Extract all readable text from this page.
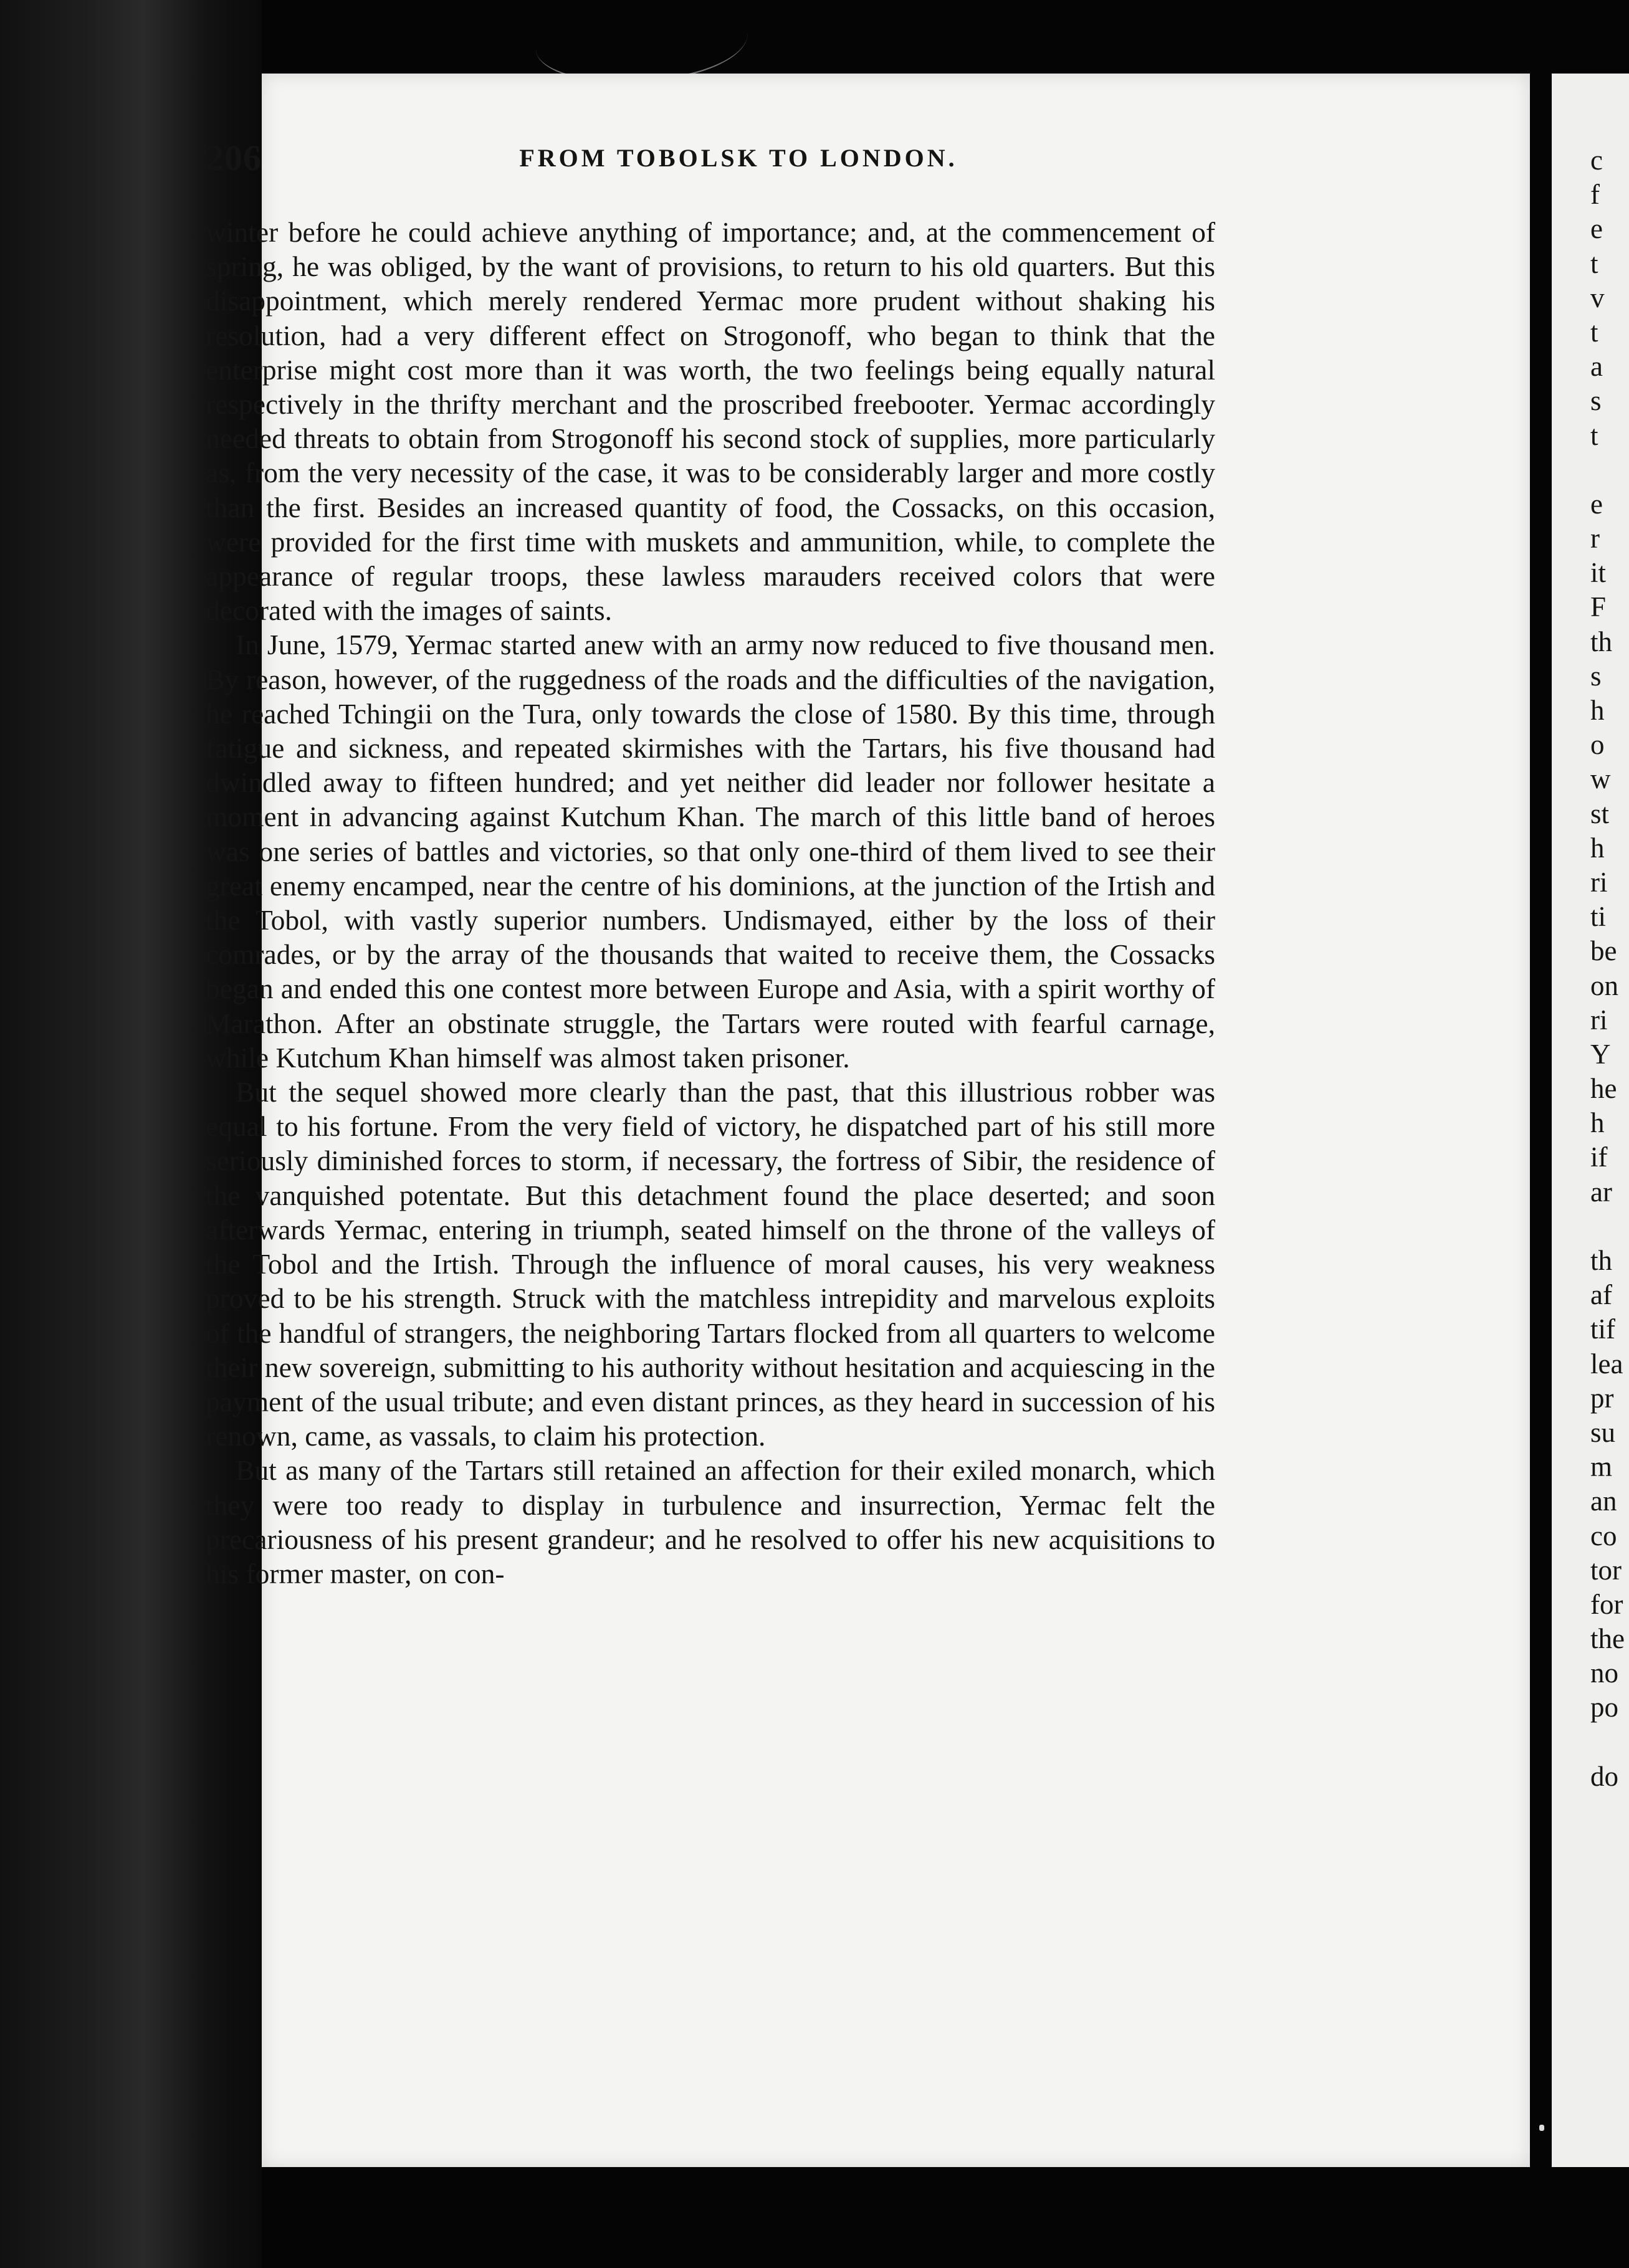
206	FROM TOBOLSK TO LONDON.

winter before he could achieve anything of importance; and, at the commencement of spring, he was obliged, by the want of provisions, to return to his old quarters. But this disappointment, which merely rendered Yermac more prudent without shaking his resolution, had a very different effect on Strogonoff, who began to think that the enterprise might cost more than it was worth, the two feelings being equally natural respectively in the thrifty merchant and the proscribed freebooter. Yermac accordingly needed threats to obtain from Strogonoff his second stock of supplies, more particularly as, from the very necessity of the case, it was to be considerably larger and more costly than the first. Besides an increased quantity of food, the Cossacks, on this occasion, were provided for the first time with muskets and ammunition, while, to complete the appearance of regular troops, these lawless marauders received colors that were decorated with the images of saints.

In June, 1579, Yermac started anew with an army now reduced to five thousand men. By reason, however, of the ruggedness of the roads and the difficulties of the navigation, he reached Tchingii on the Tura, only towards the close of 1580. By this time, through fatigue and sickness, and repeated skirmishes with the Tartars, his five thousand had dwindled away to fifteen hundred; and yet neither did leader nor follower hesitate a moment in advancing against Kutchum Khan. The march of this little band of heroes was one series of battles and victories, so that only one-third of them lived to see their great enemy encamped, near the centre of his dominions, at the junction of the Irtish and the Tobol, with vastly superior numbers. Undismayed, either by the loss of their comrades, or by the array of the thousands that waited to receive them, the Cossacks began and ended this one contest more between Europe and Asia, with a spirit worthy of Marathon. After an obstinate struggle, the Tartars were routed with fearful carnage, while Kutchum Khan himself was almost taken prisoner.

But the sequel showed more clearly than the past, that this illustrious robber was equal to his fortune. From the very field of victory, he dispatched part of his still more seriously diminished forces to storm, if necessary, the fortress of Sibir, the residence of the vanquished potentate. But this detachment found the place deserted; and soon afterwards Yermac, entering in triumph, seated himself on the throne of the valleys of the Tobol and the Irtish. Through the influence of moral causes, his very weakness proved to be his strength. Struck with the matchless intrepidity and marvelous exploits of the handful of strangers, the neighboring Tartars flocked from all quarters to welcome their new sovereign, submitting to his authority without hesitation and acquiescing in the payment of the usual tribute; and even distant princes, as they heard in succession of his renown, came, as vassals, to claim his protection.

But as many of the Tartars still retained an affection for their exiled monarch, which they were too ready to display in turbulence and insurrection, Yermac felt the precariousness of his present grandeur; and he resolved to offer his new acquisitions to his former master, on con-

c
f
e
t
v
t
a
s
t
e
r
it
F
th
s
h
o
w
st
h
ri
ti
be
on
ri
Y
he
h
if
ar
th
af
tif
lea
pr
su
m
an
co
tor
for
the
no
po
do
